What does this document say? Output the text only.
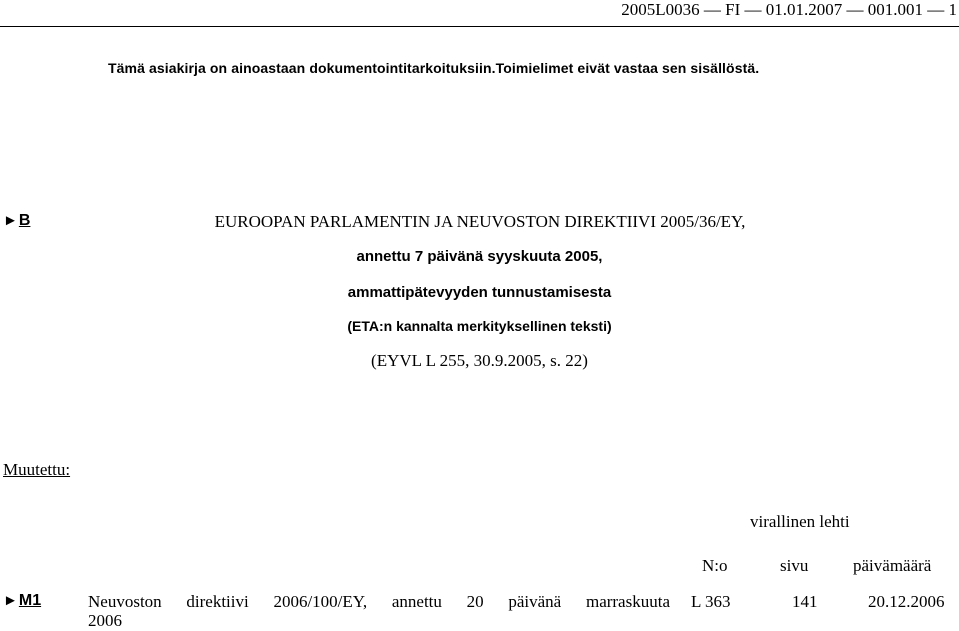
2005L0036 — FI — 01.01.2007 — 001.001 — 1
Tämä asiakirja on ainoastaan dokumentointitarkoituksiin.Toimielimet eivät vastaa sen sisällöstä.
►B	EUROOPAN PARLAMENTIN JA NEUVOSTON DIREKTIIVI 2005/36/EY,
annettu 7 päivänä syyskuuta 2005,
ammattipätevyyden tunnustamisesta
(ETA:n kannalta merkityksellinen teksti)
(EYVL L 255, 30.9.2005, s. 22)
Muutettu:
virallinen lehti
N:o	sivu	päivämäärä
►M1	Neuvoston direktiivi 2006/100/EY, annettu 20 päivänä marraskuuta
2006
L 363	141	20.12.2006
